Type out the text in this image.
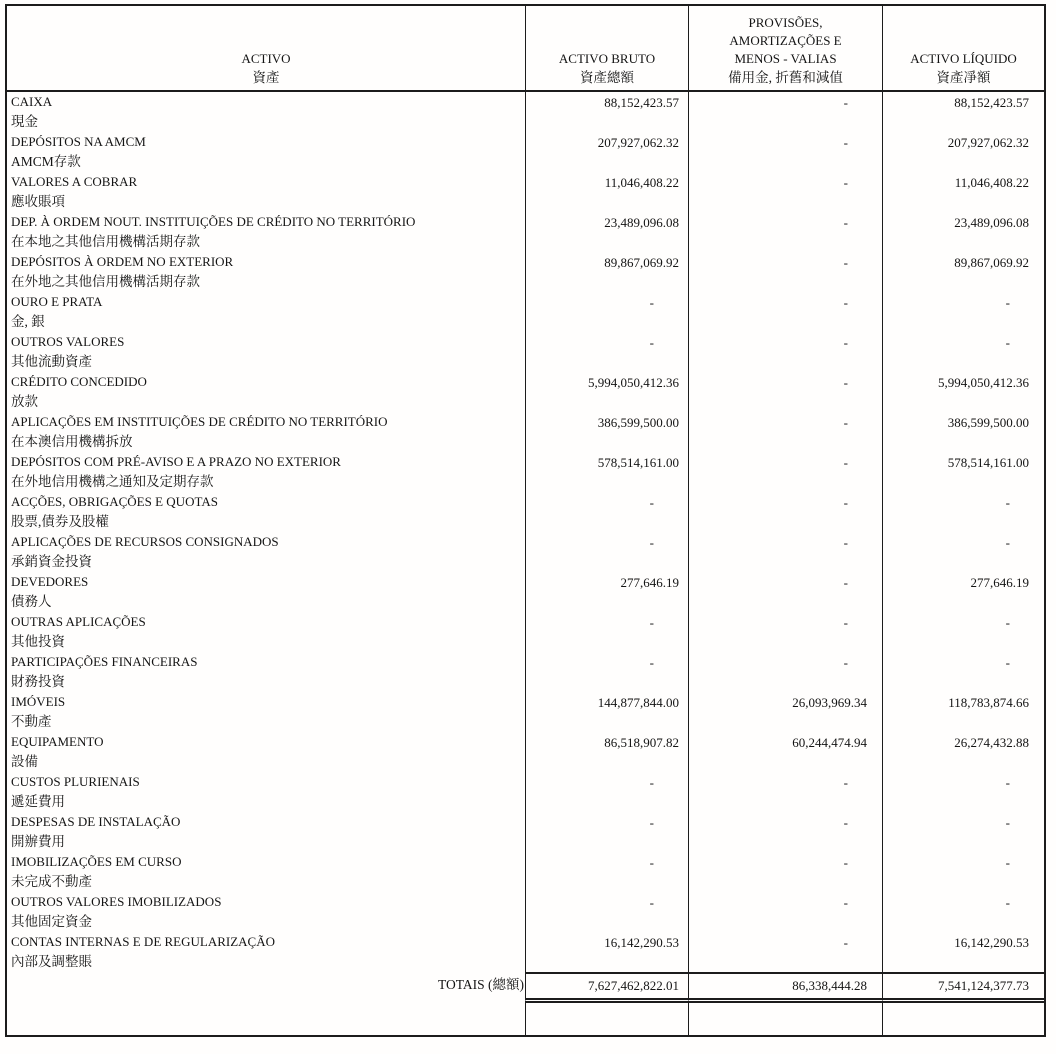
ACTIVO
資產
ACTIVO BRUTO
資產總額
PROVISÕES,
AMORTIZAÇÕES E
MENOS - VALIAS
備用金, 折舊和減值
ACTIVO LÍQUIDO
資產凈額
CAIXA
現金
88,152,423.57	-	88,152,423.57
DEPÓSITOS NA AMCM
AMCM存款
207,927,062.32	-	207,927,062.32
VALORES A COBRAR
應收賬項
11,046,408.22	-	11,046,408.22
DEP. À ORDEM NOUT. INSTITUIÇÕES DE CRÉDITO NO TERRITÓRIO
在本地之其他信用機構活期存款
23,489,096.08	-	23,489,096.08
DEPÓSITOS À ORDEM NO EXTERIOR
在外地之其他信用機構活期存款
89,867,069.92	-	89,867,069.92
OURO E PRATA
金, 銀
-	-	-
OUTROS VALORES
其他流動資產
-	-	-
CRÉDITO CONCEDIDO
放款
5,994,050,412.36	-	5,994,050,412.36
APLICAÇÕES EM INSTITUIÇÕES DE CRÉDITO NO TERRITÓRIO
在本澳信用機構拆放
386,599,500.00	-	386,599,500.00
DEPÓSITOS COM PRÉ-AVISO E A PRAZO NO EXTERIOR
在外地信用機構之通知及定期存款
578,514,161.00	-	578,514,161.00
ACÇÕES, OBRIGAÇÕES E QUOTAS
股票,債券及股權
-	-	-
APLICAÇÕES DE RECURSOS CONSIGNADOS
承銷資金投資
-	-	-
DEVEDORES
債務人
277,646.19	-	277,646.19
OUTRAS APLICAÇÕES
其他投資
-	-	-
PARTICIPAÇÕES FINANCEIRAS
財務投資
-	-	-
IMÓVEIS
不動產
144,877,844.00	26,093,969.34	118,783,874.66
EQUIPAMENTO
設備
86,518,907.82	60,244,474.94	26,274,432.88
CUSTOS PLURIENAIS
遞延費用
-	-	-
DESPESAS DE INSTALAÇÃO
開辦費用
-	-	-
IMOBILIZAÇÕES EM CURSO
未完成不動產
-	-	-
OUTROS VALORES IMOBILIZADOS
其他固定資金
-	-	-
CONTAS INTERNAS E DE REGULARIZAÇÃO
內部及調整賬
16,142,290.53	-	16,142,290.53
TOTAIS (總額)	7,627,462,822.01	86,338,444.28	7,541,124,377.73
